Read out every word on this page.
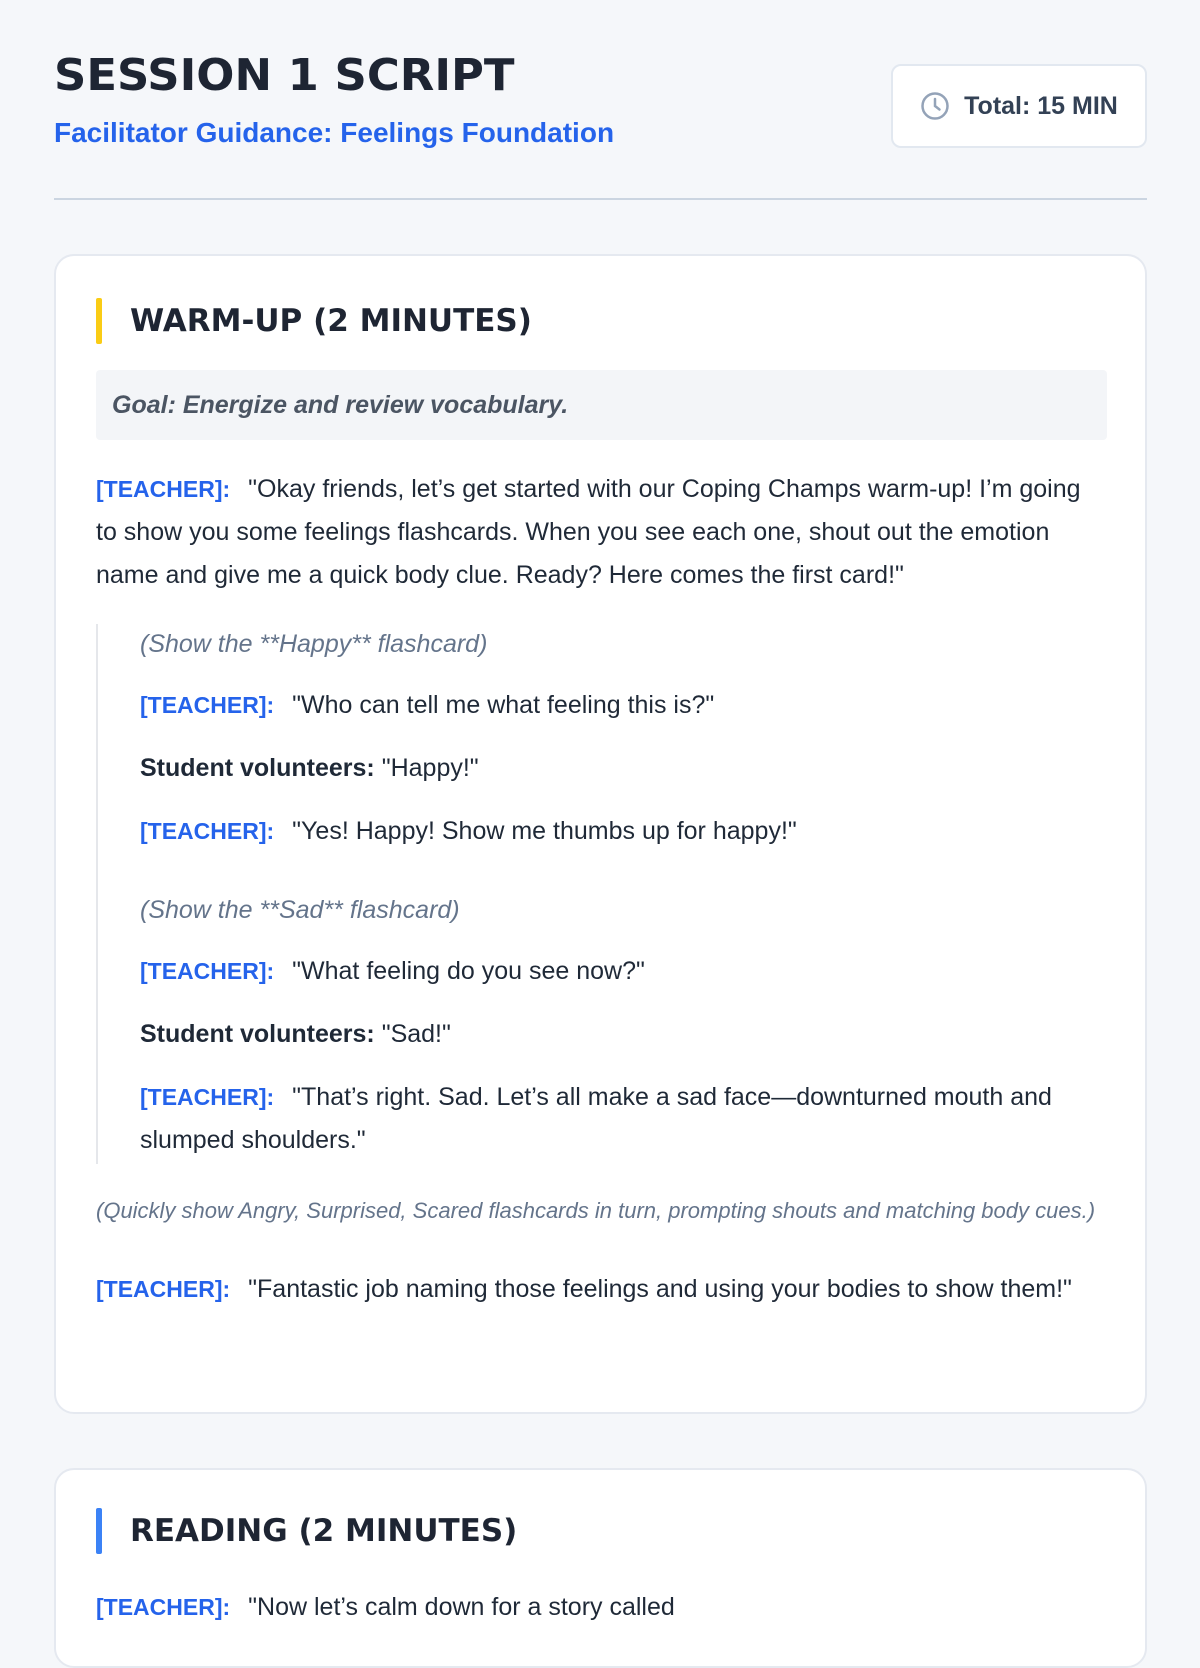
SESSION 1 SCRIPT
Facilitator Guidance: Feelings Foundation
Total: 15 MIN
WARM-UP (2 MINUTES)
Goal: Energize and review vocabulary.
[TEACHER]: "Okay friends, let’s get started with our Coping Champs warm-up! I’m going to show you some feelings flashcards. When you see each one, shout out the emotion name and give me a quick body clue. Ready? Here comes the first card!"
(Show the **Happy** flashcard)
[TEACHER]: "Who can tell me what feeling this is?"
Student volunteers: "Happy!"
[TEACHER]: "Yes! Happy! Show me thumbs up for happy!"
(Show the **Sad** flashcard)
[TEACHER]: "What feeling do you see now?"
Student volunteers: "Sad!"
[TEACHER]: "That’s right. Sad. Let’s all make a sad face—downturned mouth and slumped shoulders."
(Quickly show Angry, Surprised, Scared flashcards in turn, prompting shouts and matching body cues.)
[TEACHER]: "Fantastic job naming those feelings and using your bodies to show them!"
READING (2 MINUTES)
[TEACHER]: "Now let’s calm down for a story called
